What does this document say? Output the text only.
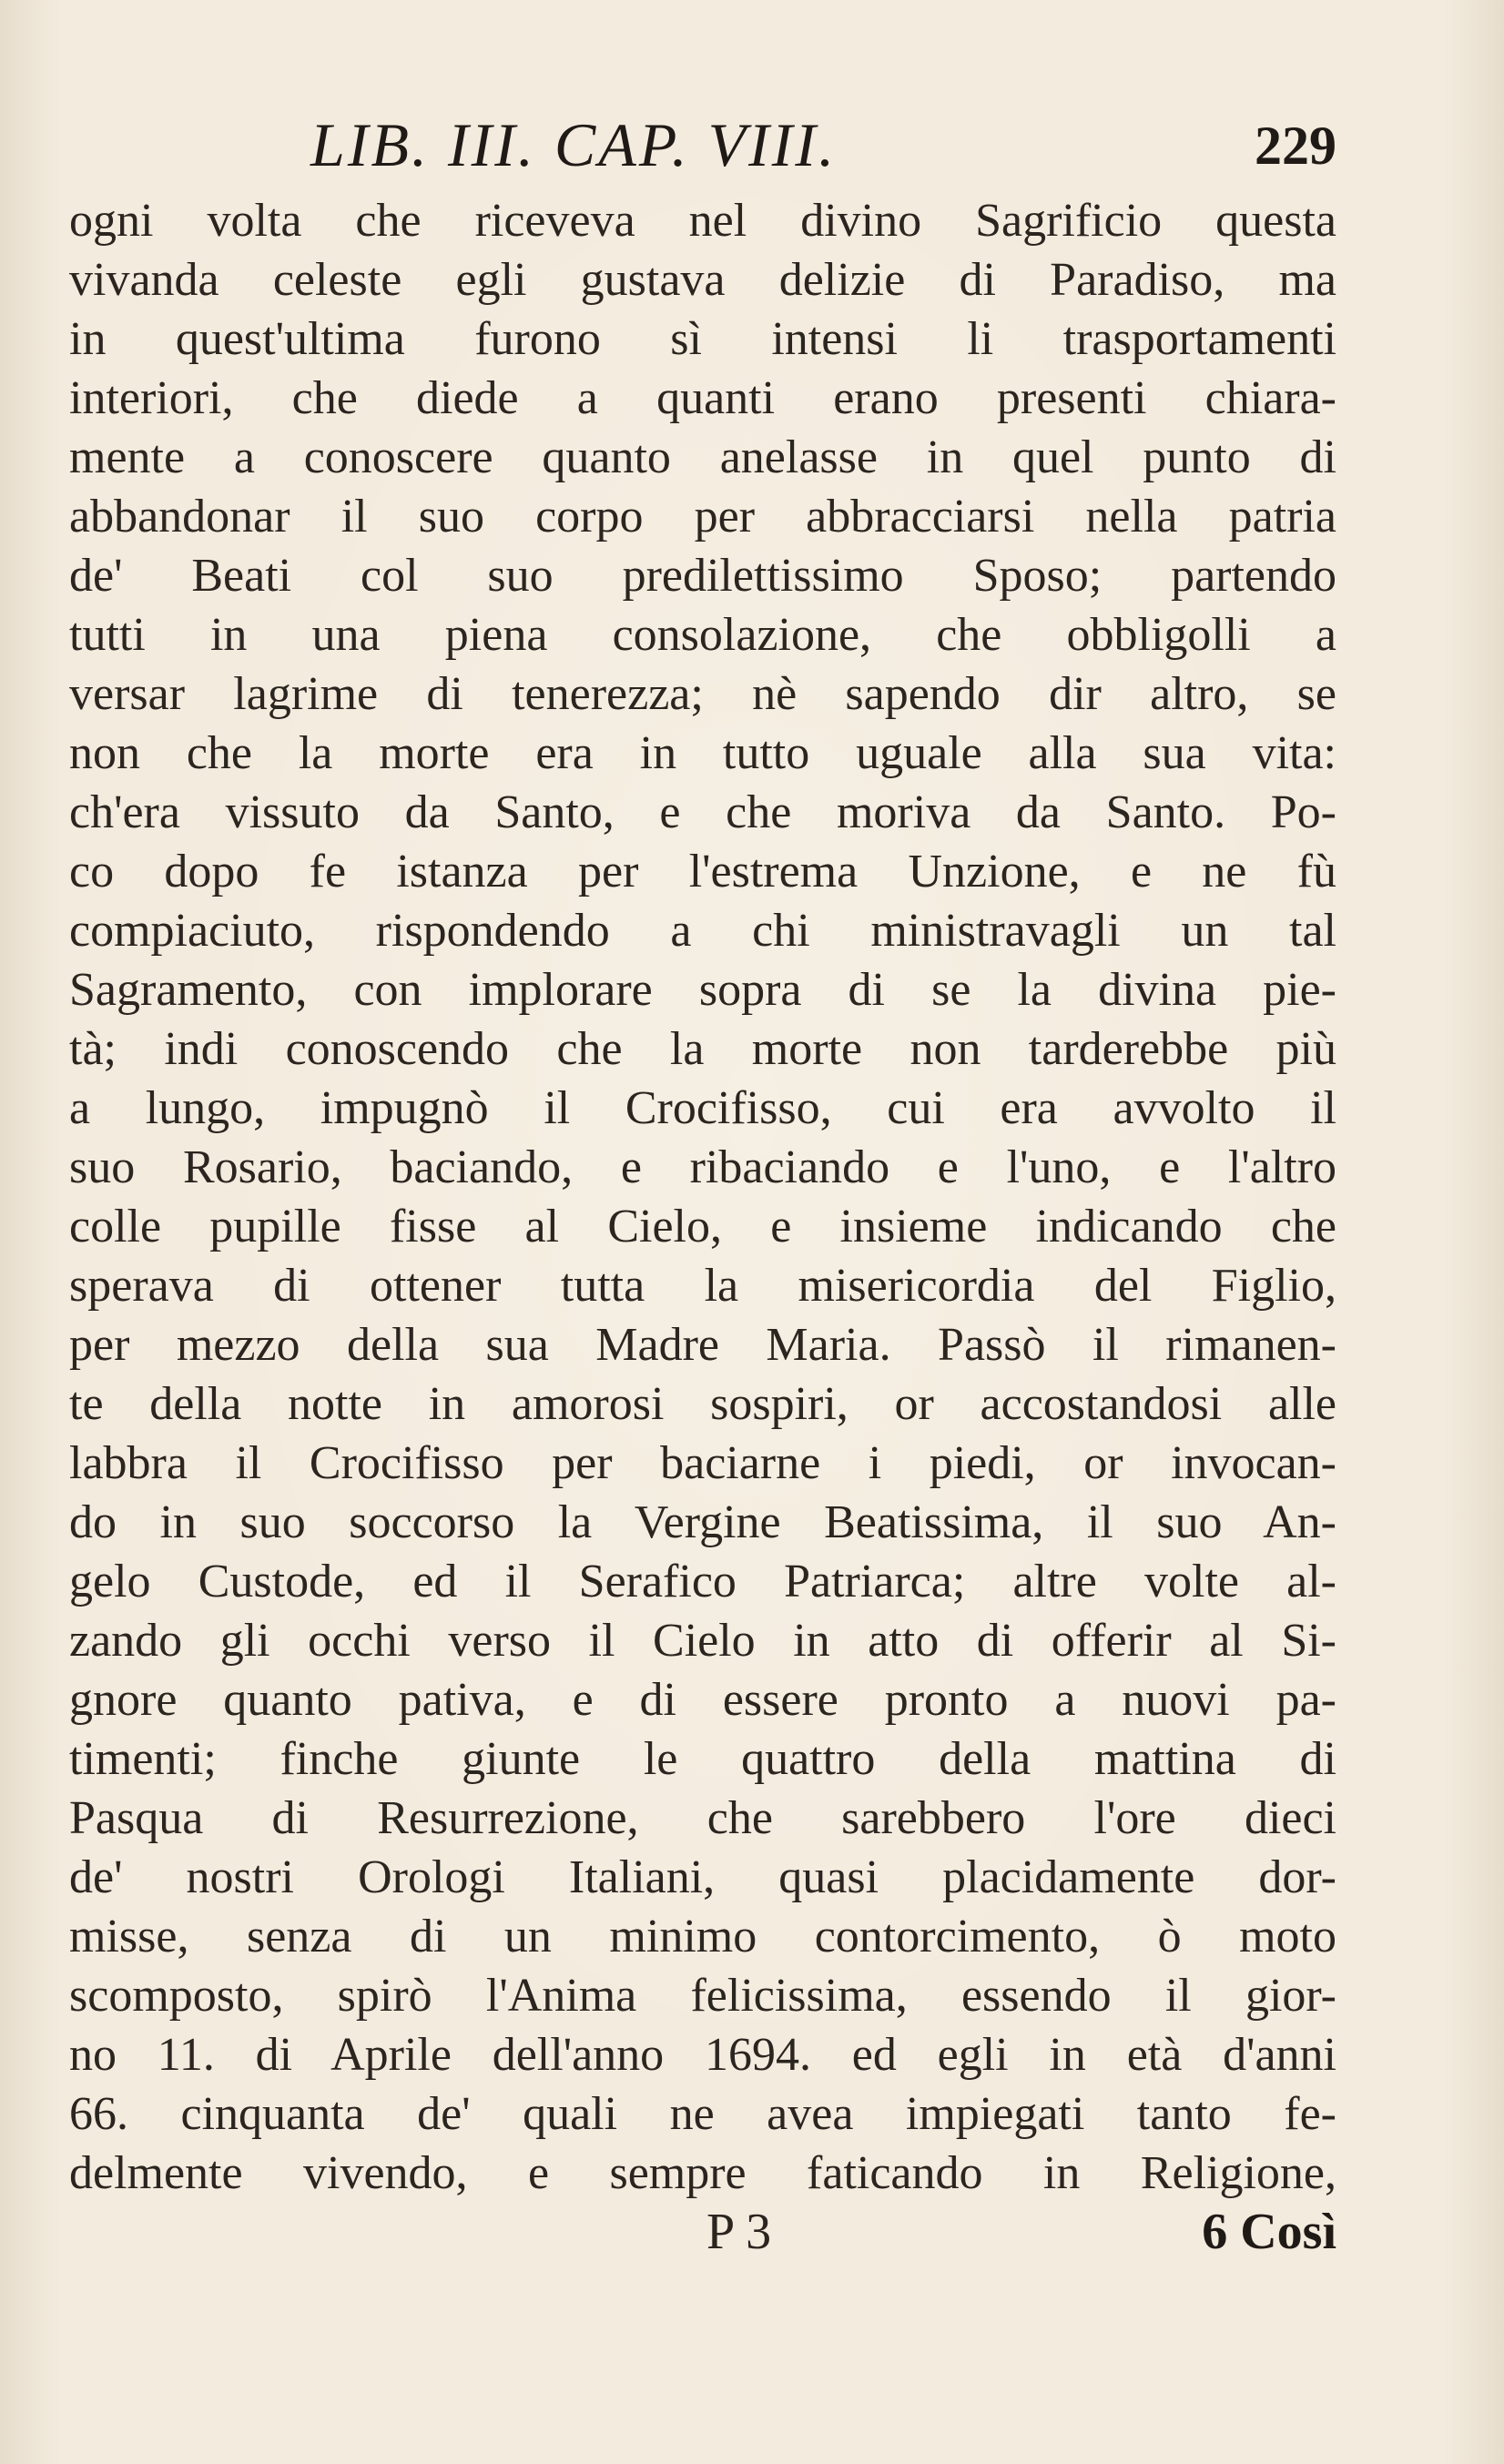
LIB. III. CAP. VIII.	229
ogni volta che riceveva nel divino Sagrificio questa
vivanda celeste egli gustava delizie di Paradiso, ma
in quest'ultima furono sì intensi li trasportamenti
interiori, che diede a quanti erano presenti chiara-
mente a conoscere quanto anelasse in quel punto di
abbandonar il suo corpo per abbracciarsi nella patria
de' Beati col suo predilettissimo Sposo; partendo
tutti in una piena consolazione, che obbligolli a
versar lagrime di tenerezza; nè sapendo dir altro, se
non che la morte era in tutto uguale alla sua vita:
ch'era vissuto da Santo, e che moriva da Santo. Po-
co dopo fe istanza per l'estrema Unzione, e ne fù
compiaciuto, rispondendo a chi ministravagli un tal
Sagramento, con implorare sopra di se la divina pie-
tà; indi conoscendo che la morte non tarderebbe più
a lungo, impugnò il Crocifisso, cui era avvolto il
suo Rosario, baciando, e ribaciando e l'uno, e l'altro
colle pupille fisse al Cielo, e insieme indicando che
sperava di ottener tutta la misericordia del Figlio,
per mezzo della sua Madre Maria. Passò il rimanen-
te della notte in amorosi sospiri, or accostandosi alle
labbra il Crocifisso per baciarne i piedi, or invocan-
do in suo soccorso la Vergine Beatissima, il suo An-
gelo Custode, ed il Serafico Patriarca; altre volte al-
zando gli occhi verso il Cielo in atto di offerir al Si-
gnore quanto pativa, e di essere pronto a nuovi pa-
timenti; finche giunte le quattro della mattina di
Pasqua di Resurrezione, che sarebbero l'ore dieci
de' nostri Orologi Italiani, quasi placidamente dor-
misse, senza di un minimo contorcimento, ò moto
scomposto, spirò l'Anima felicissima, essendo il gior-
no 11. di Aprile dell'anno 1694. ed egli in età d'anni
66. cinquanta de' quali ne avea impiegati tanto fe-
delmente vivendo, e sempre faticando in Religione,
P 3	6 Così
